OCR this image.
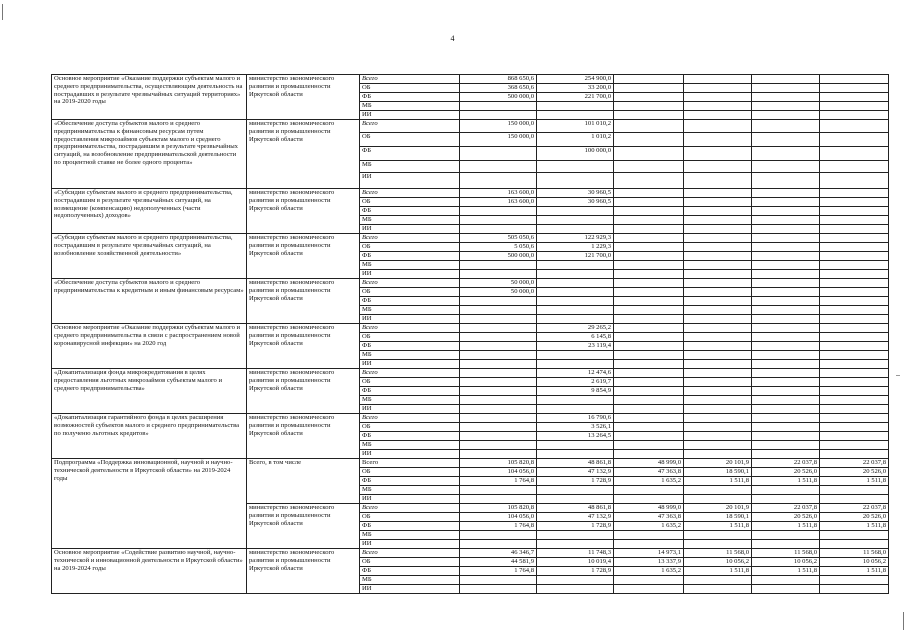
4
Основное мероприятие «Оказание поддержки субъектам малого и среднего предпринимательства, осуществляющим деятельность на пострадавших в результате чрезвычайных ситуаций территориях» на 2019-2020 годы	министерство экономического развития и промышленности Иркутской области	Всего	868 650,6	254 900,0				
		ОБ	368 650,6	33 200,0				
		ФБ	500 000,0	221 700,0				
		МБ						
		ИИ						
«Обеспечение доступа субъектов малого и среднего предпринимательства к финансовым ресурсам путем предоставления микрозаймов субъектам малого и среднего предпринимательства, пострадавшим в результате чрезвычайных ситуаций, на возобновление предпринимательской деятельности по процентной ставке не более одного процента»	министерство экономического развития и промышленности Иркутской области	Всего	150 000,0	101 010,2				
		ОБ	150 000,0	1 010,2				
		ФБ		100 000,0				
		МБ						
		ИИ						
«Субсидии субъектам малого и среднего предпринимательства, пострадавшим в результате чрезвычайных ситуаций, на возмещение (компенсацию) недополученных (части недополученных) доходов»	министерство экономического развития и промышленности Иркутской области	Всего	163 600,0	30 960,5				
		ОБ	163 600,0	30 960,5				
		ФБ						
		МБ						
		ИИ						
«Субсидии субъектам малого и среднего предпринимательства, пострадавшим в результате чрезвычайных ситуаций, на возобновление хозяйственной деятельности»	министерство экономического развития и промышленности Иркутской области	Всего	505 050,6	122 929,3				
		ОБ	5 050,6	1 229,3				
		ФБ	500 000,0	121 700,0				
		МБ						
		ИИ						
«Обеспечение доступа субъектов малого и среднего предпринимательства к кредитным и иным финансовым ресурсам»	министерство экономического развития и промышленности Иркутской области	Всего	50 000,0					
		ОБ	50 000,0					
		ФБ						
		МБ						
		ИИ						
Основное мероприятие «Оказание поддержки субъектам малого и среднего предпринимательства в связи с распространением новой коронавирусной инфекции» на 2020 год	министерство экономического развития и промышленности Иркутской области	Всего		29 265,2				
		ОБ		6 145,8				
		ФБ		23 119,4				
		МБ						
		ИИ						
«Докапитализация фонда микрокредитования в целях предоставления льготных микрозаймов субъектам малого и среднего предпринимательства»	министерство экономического развития и промышленности Иркутской области	Всего		12 474,6				
		ОБ		2 619,7				
		ФБ		9 854,9				
		МБ						
		ИИ						
«Докапитализация гарантийного фонда в целях расширения возможностей субъектов малого и среднего предпринимательства по полученю льготных кредитов»	министерство экономического развития и промышленности Иркутской области	Всего		16 790,6				
		ОБ		3 526,1				
		ФБ		13 264,5				
		МБ						
		ИИ						
Подпрограмма «Поддержка инновационной, научной и научно-технической деятельности в Иркутской области» на 2019-2024 годы	Всего, в том числе	Всего	105 820,8	48 861,8	48 999,0	20 101,9	22 037,8	22 037,8
		ОБ	104 056,0	47 132,9	47 363,8	18 590,1	20 526,0	20 526,0
		ФБ	1 764,8	1 728,9	1 635,2	1 511,8	1 511,8	1 511,8
		МБ						
		ИИ						
	министерство экономического развития и промышленности Иркутской области	Всего	105 820,8	48 861,8	48 999,0	20 101,9	22 037,8	22 037,8
		ОБ	104 056,0	47 132,9	47 363,8	18 590,1	20 526,0	20 526,0
		ФБ	1 764,8	1 728,9	1 635,2	1 511,8	1 511,8	1 511,8
		МБ						
		ИИ						
Основное мероприятие «Содействие развитию научной, научно-технической и инновационной деятельности в Иркутской области» на 2019-2024 годы	министерство экономического развития и промышленности Иркутской области	Всего	46 346,7	11 748,3	14 973,1	11 568,0	11 568,0	11 568,0
		ОБ	44 581,9	10 019,4	13 337,9	10 056,2	10 056,2	10 056,2
		ФБ	1 764,8	1 728,9	1 635,2	1 511,8	1 511,8	1 511,8
		МБ						
		ИИ						
